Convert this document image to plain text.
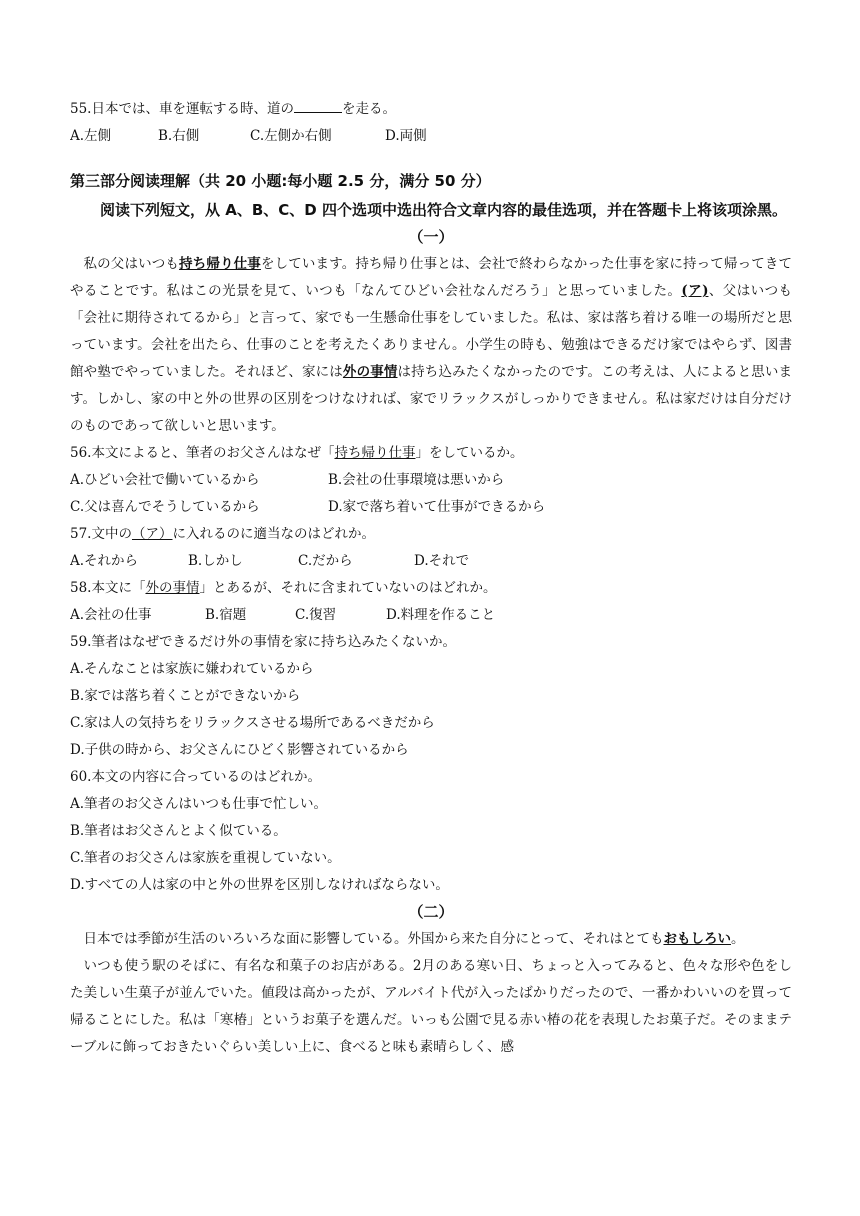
55.日本では、車を運転する時、道の	を走る。
A.左側	B.右側	C.左側か右側	D.両側
第三部分阅读理解（共 20 小题:每小题 2.5 分，满分 50 分）
阅读下列短文，从 A、B、C、D 四个选项中选出符合文章内容的最佳选项，并在答题卡上将该项涂黑。
（一）
私の父はいつも持ち帰り仕事をしています。持ち帰り仕事とは、会社で終わらなかった仕事を家に持って帰ってきてやることです。私はこの光景を見て、いつも「なんてひどい会社なんだろう」と思っていました。(ア)、父はいつも「会社に期待されてるから」と言って、家でも一生懸命仕事をしていました。私は、家は落ち着ける唯一の場所だと思っています。会社を出たら、仕事のことを考えたくありません。小学生の時も、勉強はできるだけ家ではやらず、図書館や塾でやっていました。それほど、家には外の事情は持ち込みたくなかったのです。この考えは、人によると思います。しかし、家の中と外の世界の区別をつけなければ、家でリラックスがしっかりできません。私は家だけは自分だけのものであって欲しいと思います。
56.本文によると、筆者のお父さんはなぜ「持ち帰り仕事」をしているか。
A.ひどい会社で働いているから	B.会社の仕事環境は悪いから
C.父は喜んでそうしているから	D.家で落ち着いて仕事ができるから
57.文中の（ア）に入れるのに適当なのはどれか。
A.それから	B.しかし	C.だから	D.それで
58.本文に「外の事情」とあるが、それに含まれていないのはどれか。
A.会社の仕事	B.宿題	C.復習	D.料理を作ること
59.筆者はなぜできるだけ外の事情を家に持ち込みたくないか。
A.そんなことは家族に嫌われているから
B.家では落ち着くことができないから
C.家は人の気持ちをリラックスさせる場所であるべきだから
D.子供の時から、お父さんにひどく影響されているから
60.本文の内容に合っているのはどれか。
A.筆者のお父さんはいつも仕事で忙しい。
B.筆者はお父さんとよく似ている。
C.筆者のお父さんは家族を重視していない。
D.すべての人は家の中と外の世界を区別しなければならない。
（二）
日本では季節が生活のいろいろな面に影響している。外国から来た自分にとって、それはとてもおもしろい。
いつも使う駅のそばに、有名な和菓子のお店がある。2月のある寒い日、ちょっと入ってみると、色々な形や色をした美しい生菓子が並んでいた。値段は高かったが、アルバイト代が入ったばかりだったので、一番かわいいのを買って帰ることにした。私は「寒椿」というお菓子を選んだ。いっも公園で見る赤い椿の花を表現したお菓子だ。そのままテーブルに飾っておきたいぐらい美しい上に、食べると味も素晴らしく、感
